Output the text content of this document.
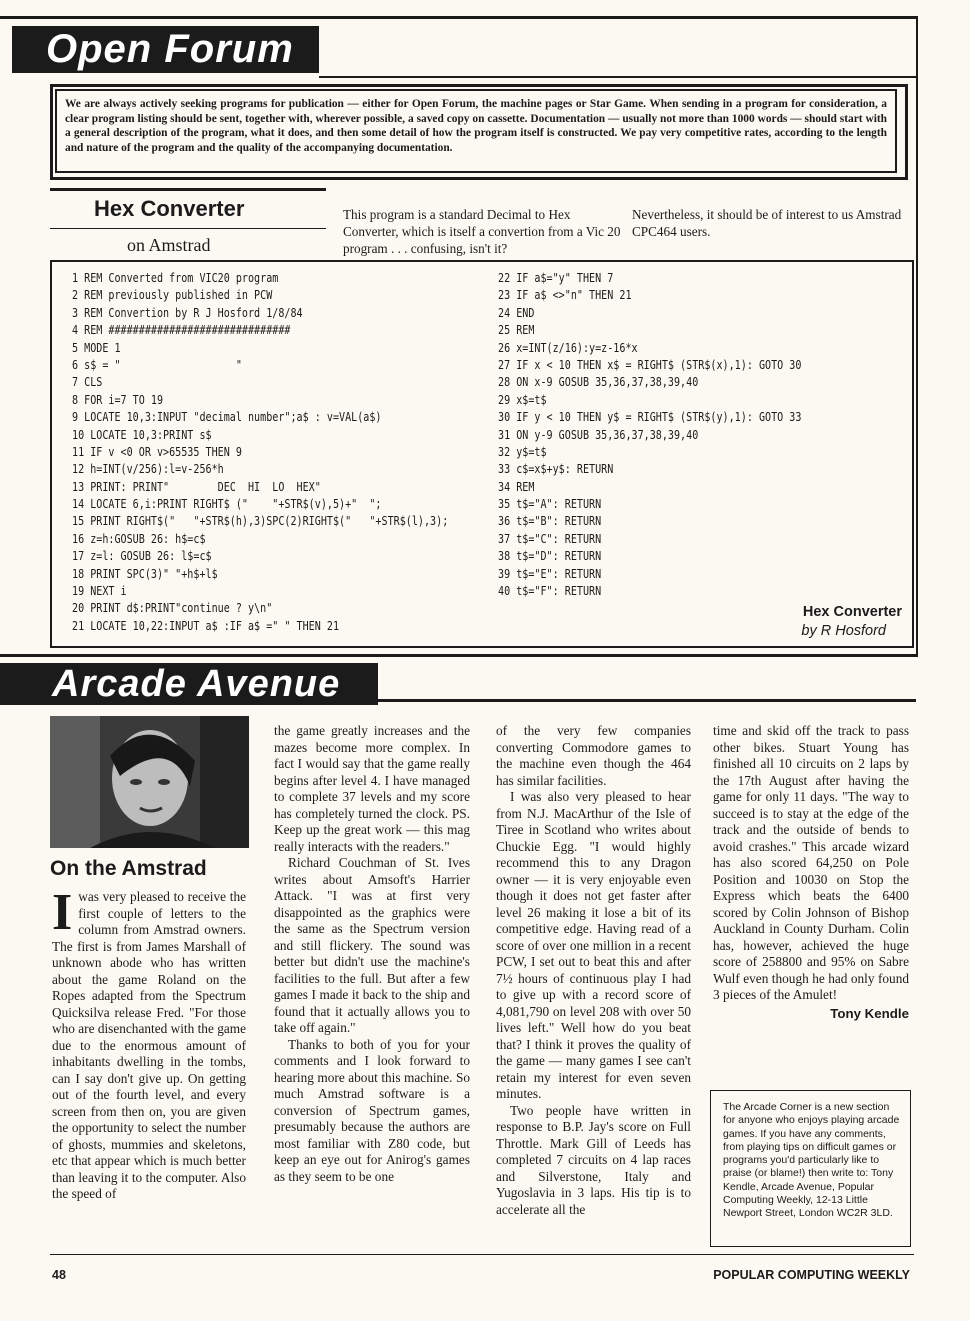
Open Forum
We are always actively seeking programs for publication — either for Open Forum, the machine pages or Star Game. When sending in a program for consideration, a clear program listing should be sent, together with, wherever possible, a saved copy on cassette. Documentation — usually not more than 1000 words — should start with a general description of the program, what it does, and then some detail of how the program itself is constructed. We pay very competitive rates, according to the length and nature of the program and the quality of the accompanying documentation.
Hex Converter
on Amstrad
This program is a standard Decimal to Hex Converter, which is itself a convertion from a Vic 20 program . . . confusing, isn't it?
Nevertheless, it should be of interest to us Amstrad CPC464 users.
1 REM Converted from VIC20 program
2 REM previously published in PCW
3 REM Convertion by R J Hosford 1/8/84
4 REM ##############################
5 MODE 1
6 s$ = "                   "
7 CLS
8 FOR i=7 TO 19
9 LOCATE 10,3:INPUT "decimal number";a$ : v=VAL(a$)
10 LOCATE 10,3:PRINT s$
11 IF v <0 OR v>65535 THEN 9
12 h=INT(v/256):l=v-256*h
13 PRINT: PRINT"        DEC  HI  LO  HEX"
14 LOCATE 6,i:PRINT RIGHT$ ("    "+STR$(v),5)+"  ";
15 PRINT RIGHT$("   "+STR$(h),3)SPC(2)RIGHT$("   "+STR$(l),3);
16 z=h:GOSUB 26: h$=c$
17 z=l: GOSUB 26: l$=c$
18 PRINT SPC(3)" "+h$+l$
19 NEXT i
20 PRINT d$:PRINT"continue ? y\n"
21 LOCATE 10,22:INPUT a$ :IF a$ =" " THEN 21
22 IF a$="y" THEN 7
23 IF a$ <>"n" THEN 21
24 END
25 REM
26 x=INT(z/16):y=z-16*x
27 IF x < 10 THEN x$ = RIGHT$ (STR$(x),1): GOTO 30
28 ON x-9 GOSUB 35,36,37,38,39,40
29 x$=t$
30 IF y < 10 THEN y$ = RIGHT$ (STR$(y),1): GOTO 33
31 ON y-9 GOSUB 35,36,37,38,39,40
32 y$=t$
33 c$=x$+y$: RETURN
34 REM
35 t$="A": RETURN
36 t$="B": RETURN
37 t$="C": RETURN
38 t$="D": RETURN
39 t$="E": RETURN
40 t$="F": RETURN
Hex Converter
by R Hosford
Arcade Avenue
On the Amstrad
I was very pleased to receive the first couple of letters to the column from Amstrad owners. The first is from James Marshall of unknown abode who has written about the game Roland on the Ropes adapted from the Spectrum Quicksilva release Fred. "For those who are disenchanted with the game due to the enormous amount of inhabitants dwelling in the tombs, can I say don't give up. On getting out of the fourth level, and every screen from then on, you are given the opportunity to select the number of ghosts, mummies and skeletons, etc that appear which is much better than leaving it to the computer. Also the speed of

the game greatly increases and the mazes become more complex. In fact I would say that the game really begins after level 4. I have managed to complete 37 levels and my score has completely turned the clock. PS. Keep up the great work — this mag really interacts with the readers."

Richard Couchman of St. Ives writes about Amsoft's Harrier Attack. "I was at first very disappointed as the graphics were the same as the Spectrum version and still flickery. The sound was better but didn't use the machine's facilities to the full. But after a few games I made it back to the ship and found that it actually allows you to take off again."

Thanks to both of you for your comments and I look forward to hearing more about this machine. So much Amstrad software is a conversion of Spectrum games, presumably because the authors are most familiar with Z80 code, but keep an eye out for Anirog's games as they seem to be one

of the very few companies converting Commodore games to the machine even though the 464 has similar facilities.

I was also very pleased to hear from N.J. MacArthur of the Isle of Tiree in Scotland who writes about Chuckie Egg. "I would highly recommend this to any Dragon owner — it is very enjoyable even though it does not get faster after level 26 making it lose a bit of its competitive edge. Having read of a score of over one million in a recent PCW, I set out to beat this and after 7½ hours of continuous play I had to give up with a record score of 4,081,790 on level 208 with over 50 lives left." Well how do you beat that? I think it proves the quality of the game — many games I see can't retain my interest for even seven minutes.

Two people have written in response to B.P. Jay's score on Full Throttle. Mark Gill of Leeds has completed 7 circuits on 4 lap races and Silverstone, Italy and Yugoslavia in 3 laps. His tip is to accelerate all the

time and skid off the track to pass other bikes. Stuart Young has finished all 10 circuits on 2 laps by the 17th August after having the game for only 11 days. "The way to succeed is to stay at the edge of the track and the outside of bends to avoid crashes." This arcade wizard has also scored 64,250 on Pole Position and 10030 on Stop the Express which beats the 6400 scored by Colin Johnson of Bishop Auckland in County Durham. Colin has, however, achieved the huge score of 258800 and 95% on Sabre Wulf even though he had only found 3 pieces of the Amulet!

Tony Kendle

The Arcade Corner is a new section for anyone who enjoys playing arcade games. If you have any comments, from playing tips on difficult games or programs you'd particularly like to praise (or blame!) then write to: Tony Kendle, Arcade Avenue, Popular Computing Weekly, 12-13 Little Newport Street, London WC2R 3LD.
48	POPULAR COMPUTING WEEKLY
